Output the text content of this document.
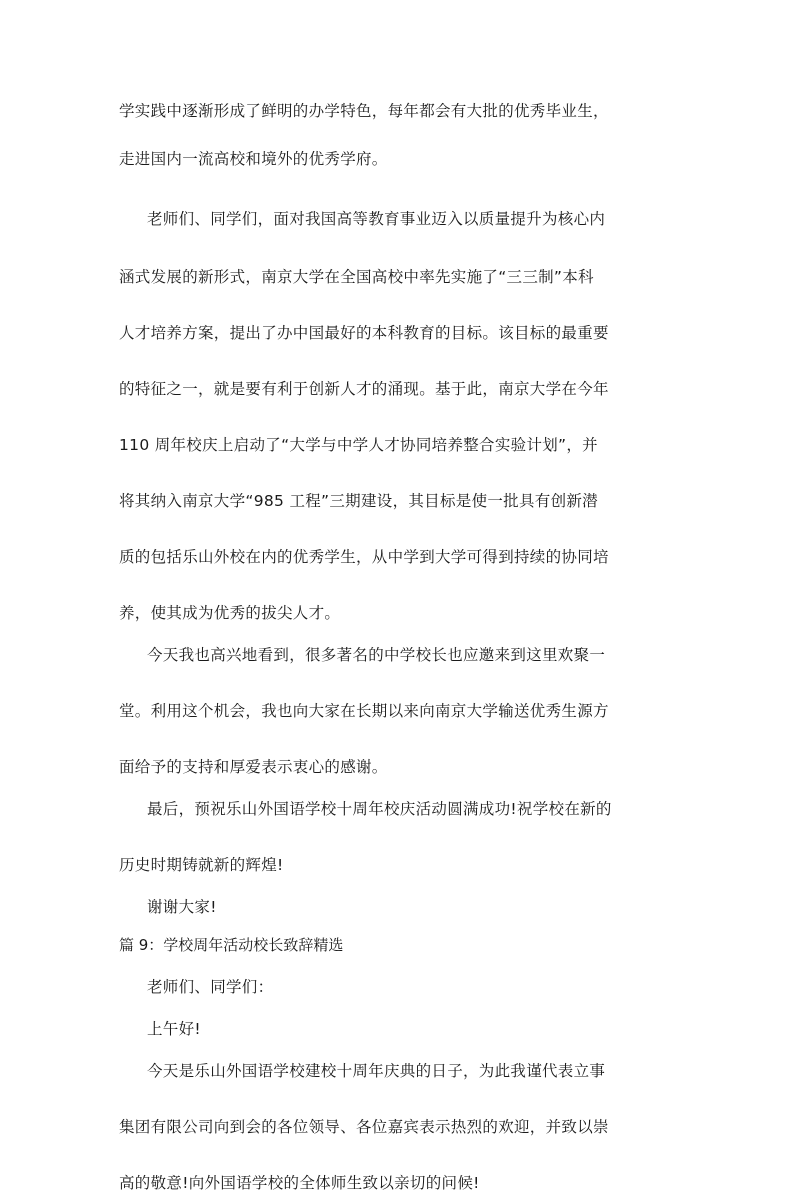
学实践中逐渐形成了鲜明的办学特色，每年都会有大批的优秀毕业生，
走进国内一流高校和境外的优秀学府。
老师们、同学们，面对我国高等教育事业迈入以质量提升为核心内
涵式发展的新形式，南京大学在全国高校中率先实施了“三三制”本科
人才培养方案，提出了办中国最好的本科教育的目标。该目标的最重要
的特征之一，就是要有利于创新人才的涌现。基于此，南京大学在今年
110 周年校庆上启动了“大学与中学人才协同培养整合实验计划”，并
将其纳入南京大学“985 工程”三期建设，其目标是使一批具有创新潜
质的包括乐山外校在内的优秀学生，从中学到大学可得到持续的协同培
养，使其成为优秀的拔尖人才。
今天我也高兴地看到，很多著名的中学校长也应邀来到这里欢聚一
堂。利用这个机会，我也向大家在长期以来向南京大学输送优秀生源方
面给予的支持和厚爱表示衷心的感谢。
最后，预祝乐山外国语学校十周年校庆活动圆满成功!祝学校在新的
历史时期铸就新的辉煌!
谢谢大家!
篇 9：学校周年活动校长致辞精选
老师们、同学们：
上午好!
今天是乐山外国语学校建校十周年庆典的日子，为此我谨代表立事
集团有限公司向到会的各位领导、各位嘉宾表示热烈的欢迎，并致以崇
高的敬意!向外国语学校的全体师生致以亲切的问候!
